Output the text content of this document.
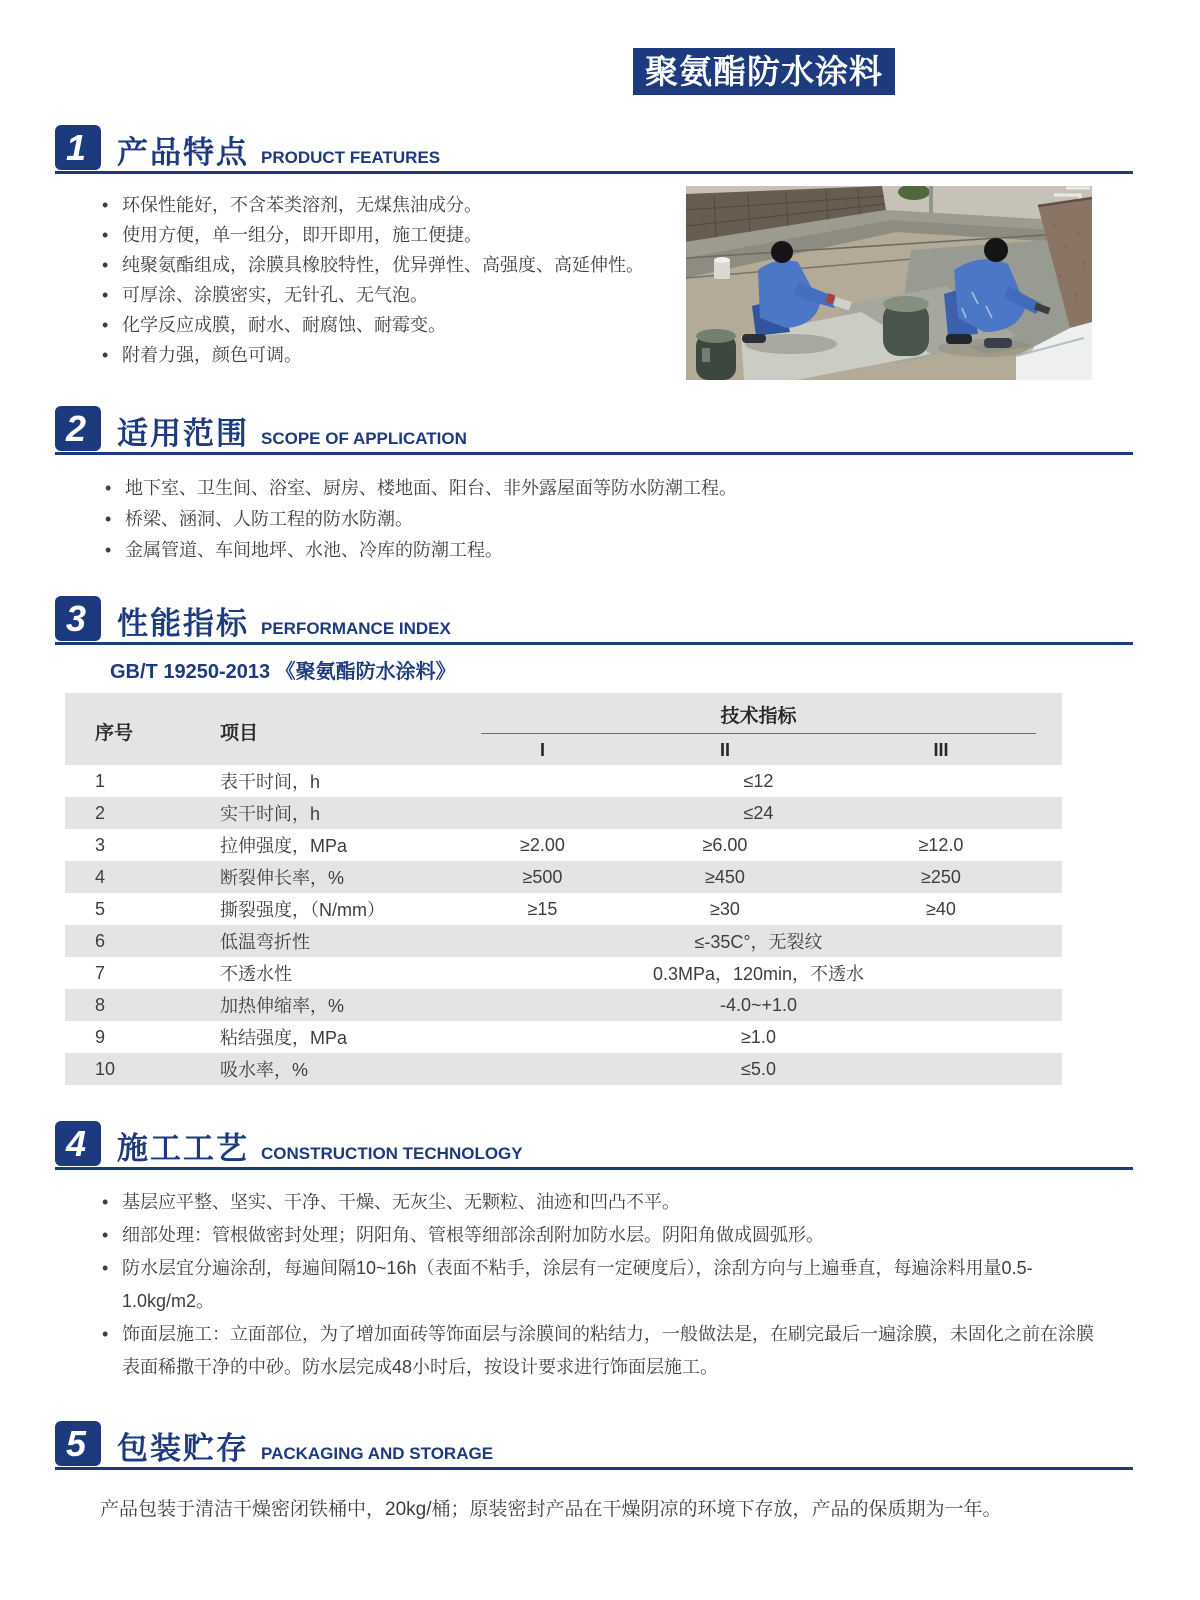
聚氨酯防水涂料
1 产品特点 PRODUCT FEATURES
• 环保性能好，不含苯类溶剂，无煤焦油成分。
• 使用方便，单一组分，即开即用，施工便捷。
• 纯聚氨酯组成，涂膜具橡胶特性，优异弹性、高强度、高延伸性。
• 可厚涂、涂膜密实，无针孔、无气泡。
• 化学反应成膜，耐水、耐腐蚀、耐霉变。
• 附着力强，颜色可调。
2 适用范围 SCOPE OF APPLICATION
• 地下室、卫生间、浴室、厨房、楼地面、阳台、非外露屋面等防水防潮工程。
• 桥梁、涵洞、人防工程的防水防潮。
• 金属管道、车间地坪、水池、冷库的防潮工程。
3 性能指标 PERFORMANCE INDEX
GB/T 19250-2013 《聚氨酯防水涂料》
序号	项目	技术指标		

		I	II	III
1	表干时间，h	≤12		
2	实干时间，h	≤24		
3	拉伸强度，MPa	≥2.00	≥6.00	≥12.0
4	断裂伸长率，%	≥500	≥450	≥250
5	撕裂强度，（N/mm）	≥15	≥30	≥40
6	低温弯折性	≤-35C°，无裂纹		
7	不透水性	0.3MPa，120min，不透水		
8	加热伸缩率，%	-4.0~+1.0		
9	粘结强度，MPa	≥1.0		
10	吸水率，%	≤5.0		
4 施工工艺 CONSTRUCTION TECHNOLOGY
• 基层应平整、坚实、干净、干燥、无灰尘、无颗粒、油迹和凹凸不平。
• 细部处理：管根做密封处理；阴阳角、管根等细部涂刮附加防水层。阴阳角做成圆弧形。
• 防水层宜分遍涂刮，每遍间隔10~16h（表面不粘手，涂层有一定硬度后），涂刮方向与上遍垂直，每遍涂料用量0.5-1.0kg/m2。
• 饰面层施工：立面部位，为了增加面砖等饰面层与涂膜间的粘结力，一般做法是，在刷完最后一遍涂膜，未固化之前在涂膜表面稀撒干净的中砂。防水层完成48小时后，按设计要求进行饰面层施工。
5 包装贮存 PACKAGING AND STORAGE
产品包装于清洁干燥密闭铁桶中，20kg/桶；原装密封产品在干燥阴凉的环境下存放，产品的保质期为一年。
